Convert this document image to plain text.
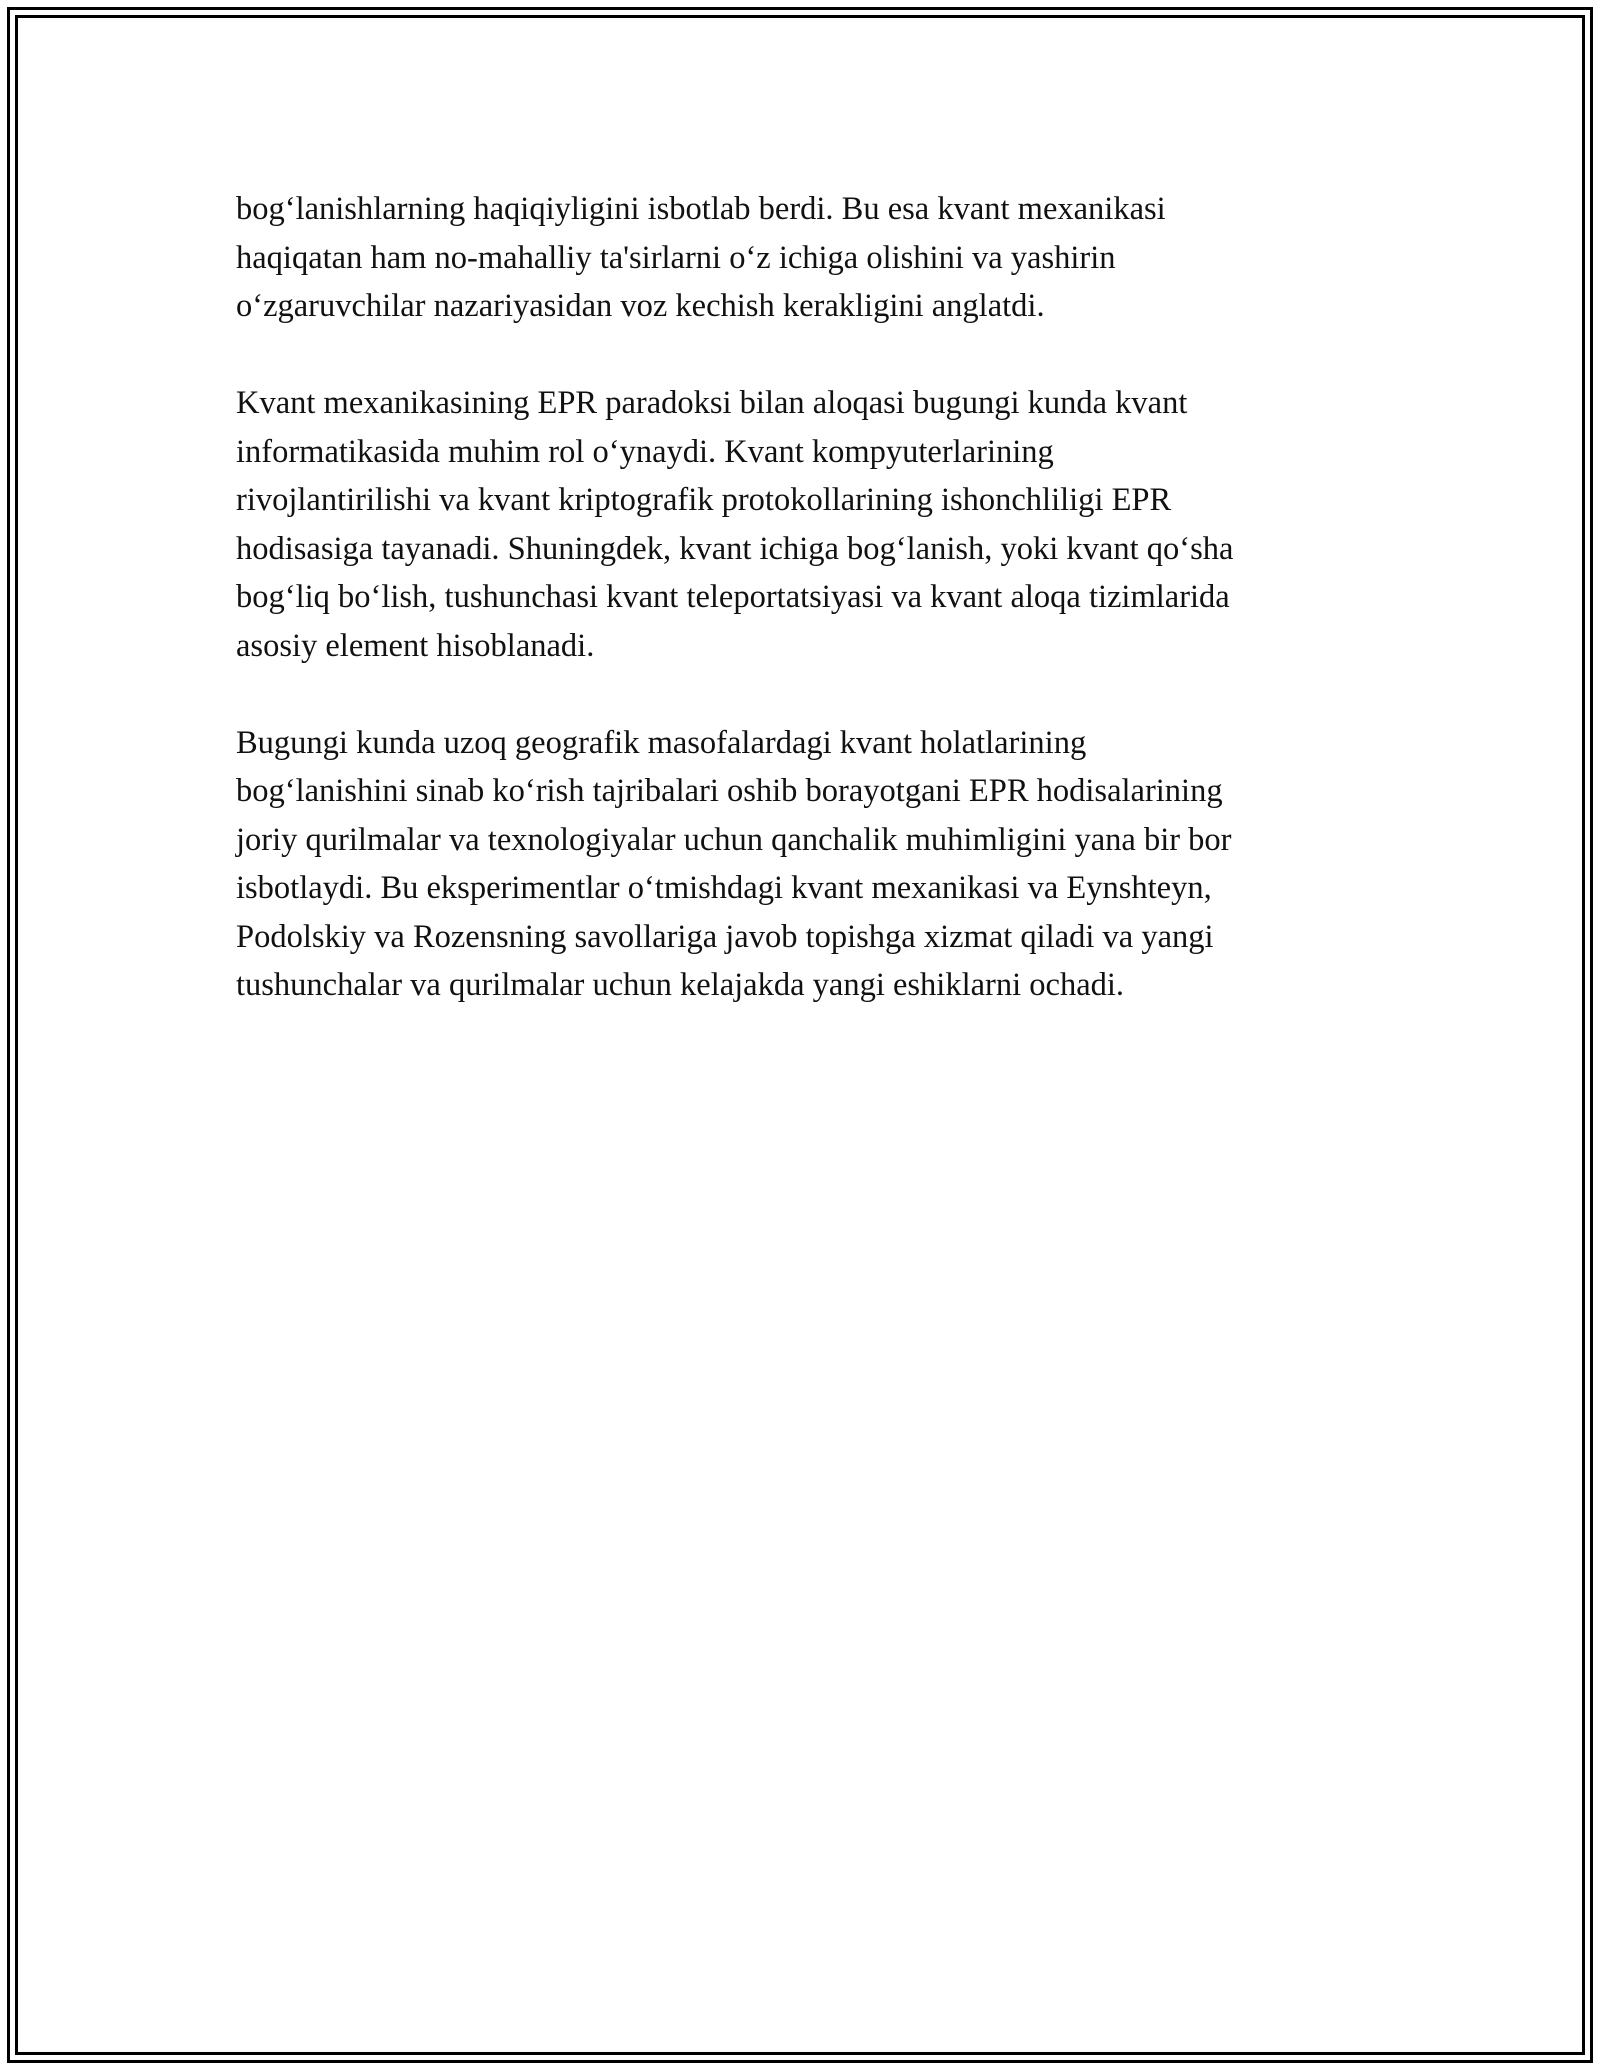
bog‘lanishlarning haqiqiyligini isbotlab berdi. Bu esa kvant mexanikasi
haqiqatan ham no-mahalliy ta'sirlarni o‘z ichiga olishini va yashirin
o‘zgaruvchilar nazariyasidan voz kechish kerakligini anglatdi.

Kvant mexanikasining EPR paradoksi bilan aloqasi bugungi kunda kvant
informatikasida muhim rol o‘ynaydi. Kvant kompyuterlarining
rivojlantirilishi va kvant kriptografik protokollarining ishonchliligi EPR
hodisasiga tayanadi. Shuningdek, kvant ichiga bog‘lanish, yoki kvant qo‘sha
bog‘liq bo‘lish, tushunchasi kvant teleportatsiyasi va kvant aloqa tizimlarida
asosiy element hisoblanadi.

Bugungi kunda uzoq geografik masofalardagi kvant holatlarining
bog‘lanishini sinab ko‘rish tajribalari oshib borayotgani EPR hodisalarining
joriy qurilmalar va texnologiyalar uchun qanchalik muhimligini yana bir bor
isbotlaydi. Bu eksperimentlar o‘tmishdagi kvant mexanikasi va Eynshteyn,
Podolskiy va Rozensning savollariga javob topishga xizmat qiladi va yangi
tushunchalar va qurilmalar uchun kelajakda yangi eshiklarni ochadi.
